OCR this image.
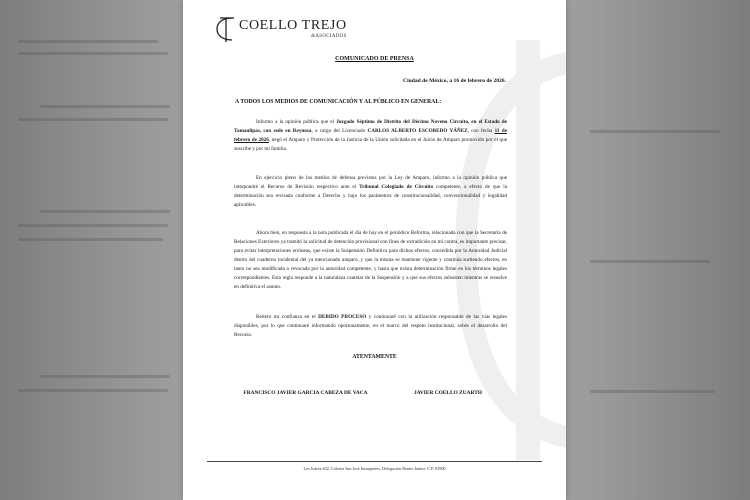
COELLO TREJO
&ASOCIADOS
COMUNICADO DE PRENSA
Ciudad de México, a 16 de febrero de 2026.
A TODOS LOS MEDIOS DE COMUNICACIÓN Y AL PÚBLICO EN GENERAL:
Informo a la opinión pública que el Juzgado Séptimo de Distrito del Décimo Noveno Circuito, en el Estado de Tamaulipas, con sede en Reynosa, a cargo del Licenciado CARLOS ALBERTO ESCOBEDO YÁÑEZ, con fecha 11 de febrero de 2026, negó el Amparo y Protección de la Justicia de la Unión solicitada en el Juicio de Amparo promovido por el que suscribe y por mi familia.
En ejercicio pleno de los medios de defensa previstos por la Ley de Amparo, informo a la opinión pública que interpondré el Recurso de Revisión respectivo ante el Tribunal Colegiado de Circuito competente, a efecto de que la determinación sea revisada conforme a Derecho y bajo los parámetros de constitucionalidad, convencionalidad y legalidad aplicables.
Ahora bien, en respuesta a la nota publicada el día de hoy en el periódico Reforma, relacionada con que la Secretaría de Relaciones Exteriores ya tramitó la solicitud de detención provisional con fines de extradición en mi contra, es importante precisar, para evitar interpretaciones erróneas, que existe la Suspensión Definitiva para dichos efectos, concedida por la Autoridad Judicial dentro del cuaderno incidental del ya mencionado amparo, y que la misma se mantiene vigente y continúa surtiendo efectos, en tanto no sea modificada o revocada por la autoridad competente, y hasta que exista determinación firme en los términos legales correspondientes. Esta regla responde a la naturaleza cautelar de la Suspensión y a que sus efectos subsisten mientras se resuelve en definitiva el asunto.
Reitero mi confianza en el DEBIDO PROCESO y continuaré con la utilización responsable de las vías legales disponibles, por lo que continuaré informando oportunamente, en el marco del respeto institucional, sobre el desarrollo del Recurso.
ATENTAMENTE
FRANCISCO JAVIER GARCIA CABEZA DE VACA	JAVIER COELLO ZUARTH
Los Juárez #32, Colonia San José Insurgentes, Delegación Benito Juárez, C.P. 03900
